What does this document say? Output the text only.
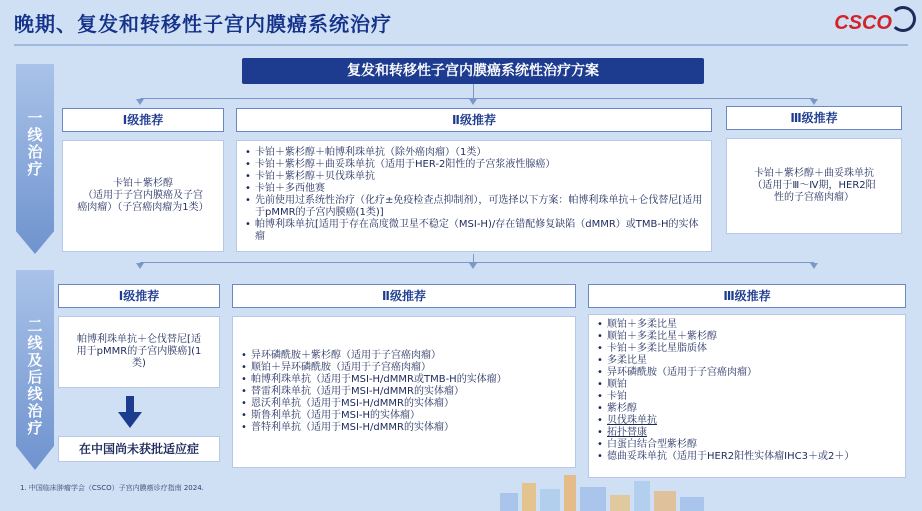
晚期、复发和转移性子宫内膜癌系统治疗	CSCO
一线治疗
二线及后线治疗
复发和转移性子宫内膜癌系统性治疗方案
Ⅰ级推荐	Ⅱ级推荐	Ⅲ级推荐
卡铂＋紫杉醇
（适用于子宫内膜癌及子宫
癌肉瘤）（子宫癌肉瘤为1类）
• 卡铂＋紫杉醇＋帕博利珠单抗（除外癌肉瘤）（1类）
• 卡铂＋紫杉醇＋曲妥珠单抗（适用于HER-2阳性的子宫浆液性腺癌）
• 卡铂＋紫杉醇＋贝伐珠单抗
• 卡铂＋多西他赛
• 先前使用过系统性治疗（化疗±免疫检查点抑制剂），可选择以下方案：帕博利珠单抗＋仑伐替尼[适用于pMMR的子宫内膜癌(1类)]
• 帕博利珠单抗[适用于存在高度微卫星不稳定（MSI-H)/存在错配修复缺陷（dMMR）或TMB-H的实体瘤
卡铂＋紫杉醇＋曲妥珠单抗
（适用于Ⅲ～Ⅳ期，HER2阳
性的子宫癌肉瘤）
Ⅰ级推荐	Ⅱ级推荐	Ⅲ级推荐
帕博利珠单抗＋仑伐替尼[适
用于pMMR的子宫内膜癌](1
类)
在中国尚未获批适应症
• 异环磷酰胺＋紫杉醇（适用于子宫癌肉瘤）
• 顺铂＋异环磷酰胺（适用于子宫癌肉瘤）
• 帕博利珠单抗（适用于MSI-H/dMMR或TMB-H的实体瘤）
• 替雷利珠单抗（适用于MSI-H/dMMR的实体瘤）
• 恩沃利单抗（适用于MSI-H/dMMR的实体瘤）
• 斯鲁利单抗（适用于MSI-H的实体瘤）
• 普特利单抗（适用于MSI-H/dMMR的实体瘤）
• 顺铂＋多柔比星
• 顺铂＋多柔比星＋紫杉醇
• 卡铂＋多柔比星脂质体
• 多柔比星
• 异环磷酰胺（适用于子宫癌肉瘤）
• 顺铂
• 卡铂
• 紫杉醇
• 贝伐珠单抗
• 拓扑替康
• 白蛋白结合型紫杉醇
• 德曲妥珠单抗（适用于HER2阳性实体瘤IHC3＋或2＋）
1. 中国临床肿瘤学会（CSCO）子宫内膜癌诊疗指南 2024.
